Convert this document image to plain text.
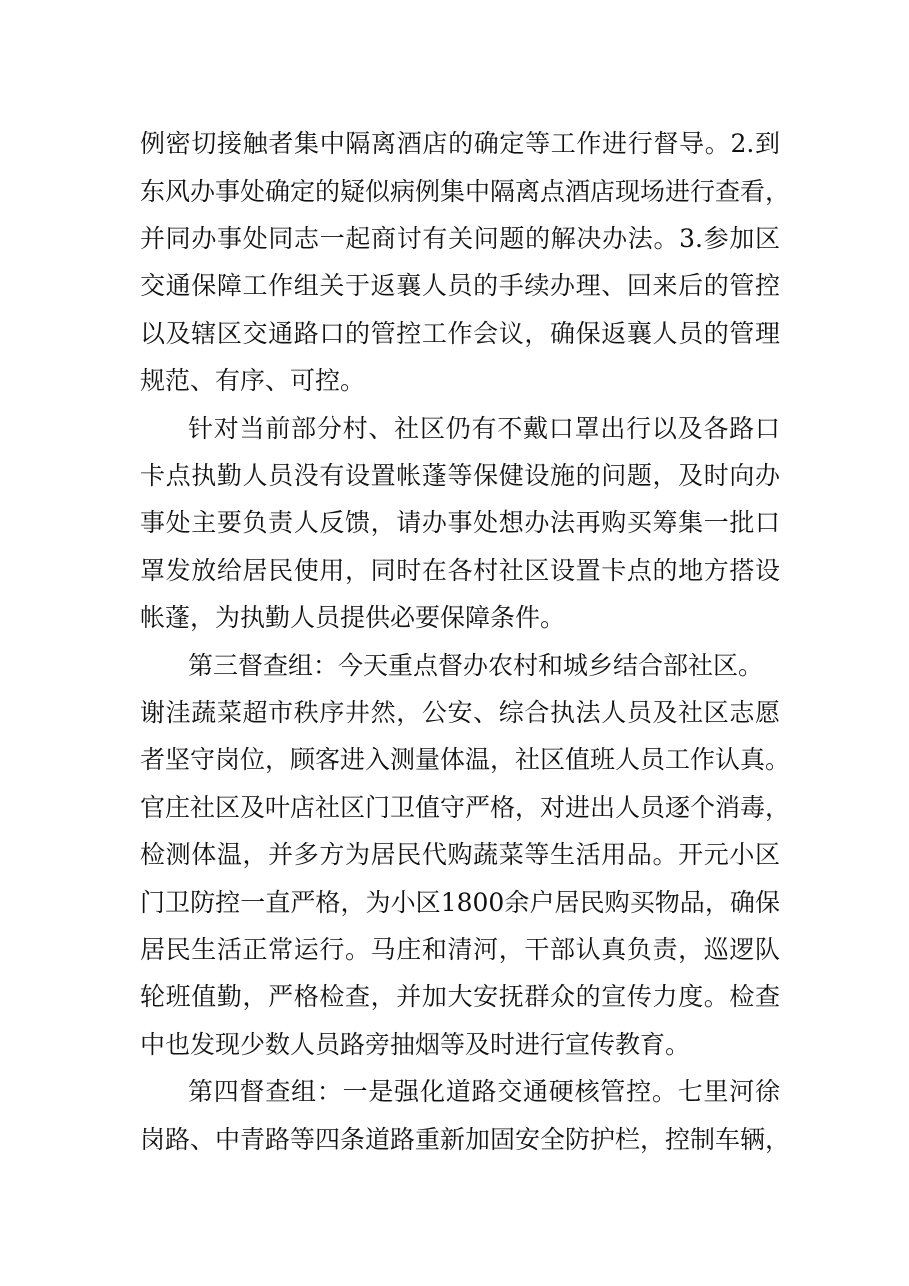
例密切接触者集中隔离酒店的确定等工作进行督导。2.到

东风办事处确定的疑似病例集中隔离点酒店现场进行查看，

并同办事处同志一起商讨有关问题的解决办法。3.参加区

交通保障工作组关于返襄人员的手续办理、回来后的管控

以及辖区交通路口的管控工作会议，确保返襄人员的管理

规范、有序、可控。

针对当前部分村、社区仍有不戴口罩出行以及各路口

卡点执勤人员没有设置帐蓬等保健设施的问题，及时向办

事处主要负责人反馈，请办事处想办法再购买筹集一批口

罩发放给居民使用，同时在各村社区设置卡点的地方搭设

帐蓬，为执勤人员提供必要保障条件。

第三督查组：今天重点督办农村和城乡结合部社区。

谢洼蔬菜超市秩序井然，公安、综合执法人员及社区志愿

者坚守岗位，顾客进入测量体温，社区值班人员工作认真。

官庄社区及叶店社区门卫值守严格，对进出人员逐个消毒，

检测体温，并多方为居民代购蔬菜等生活用品。开元小区

门卫防控一直严格，为小区1800余户居民购买物品，确保

居民生活正常运行。马庄和清河，干部认真负责，巡逻队

轮班值勤，严格检查，并加大安抚群众的宣传力度。检查

中也发现少数人员路旁抽烟等及时进行宣传教育。

第四督查组：一是强化道路交通硬核管控。七里河徐

岗路、中青路等四条道路重新加固安全防护栏，控制车辆，
